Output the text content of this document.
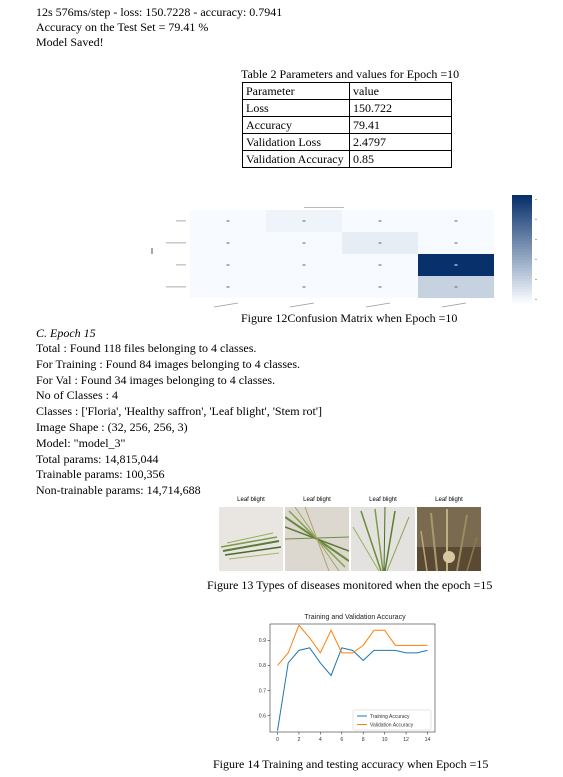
12s 576ms/step - loss: 150.7228 - accuracy: 0.7941
Accuracy on the Test Set = 79.41 %
Model Saved!
Table 2 Parameters and values for Epoch =10
Parameter	value
Loss	150.722
Accuracy	79.41
Validation Loss	2.4797
Validation Accuracy	0.85
Figure 12Confusion Matrix when Epoch =10
C. Epoch 15
Total : Found 118 files belonging to 4 classes.
For Training : Found 84 images belonging to 4 classes.
For Val : Found 34 images belonging to 4 classes.
No of Classes : 4
Classes : ['Floria', 'Healthy saffron', 'Leaf blight', 'Stem rot']
Image Shape : (32, 256, 256, 3)
Model: "model_3"
Total params: 14,815,044
Trainable params: 100,356
Non-trainable params: 14,714,688
Leaf blight	Leaf blight	Leaf blight	Leaf blight
Figure 13 Types of diseases monitored when the epoch =15
Training and Validation Accuracy
0.6
0.7
0.8
0.9
0	2	4	6	8	10	12	14
Training Accuracy
Validation Accuracy
Figure 14 Training and testing accuracy when Epoch =15
